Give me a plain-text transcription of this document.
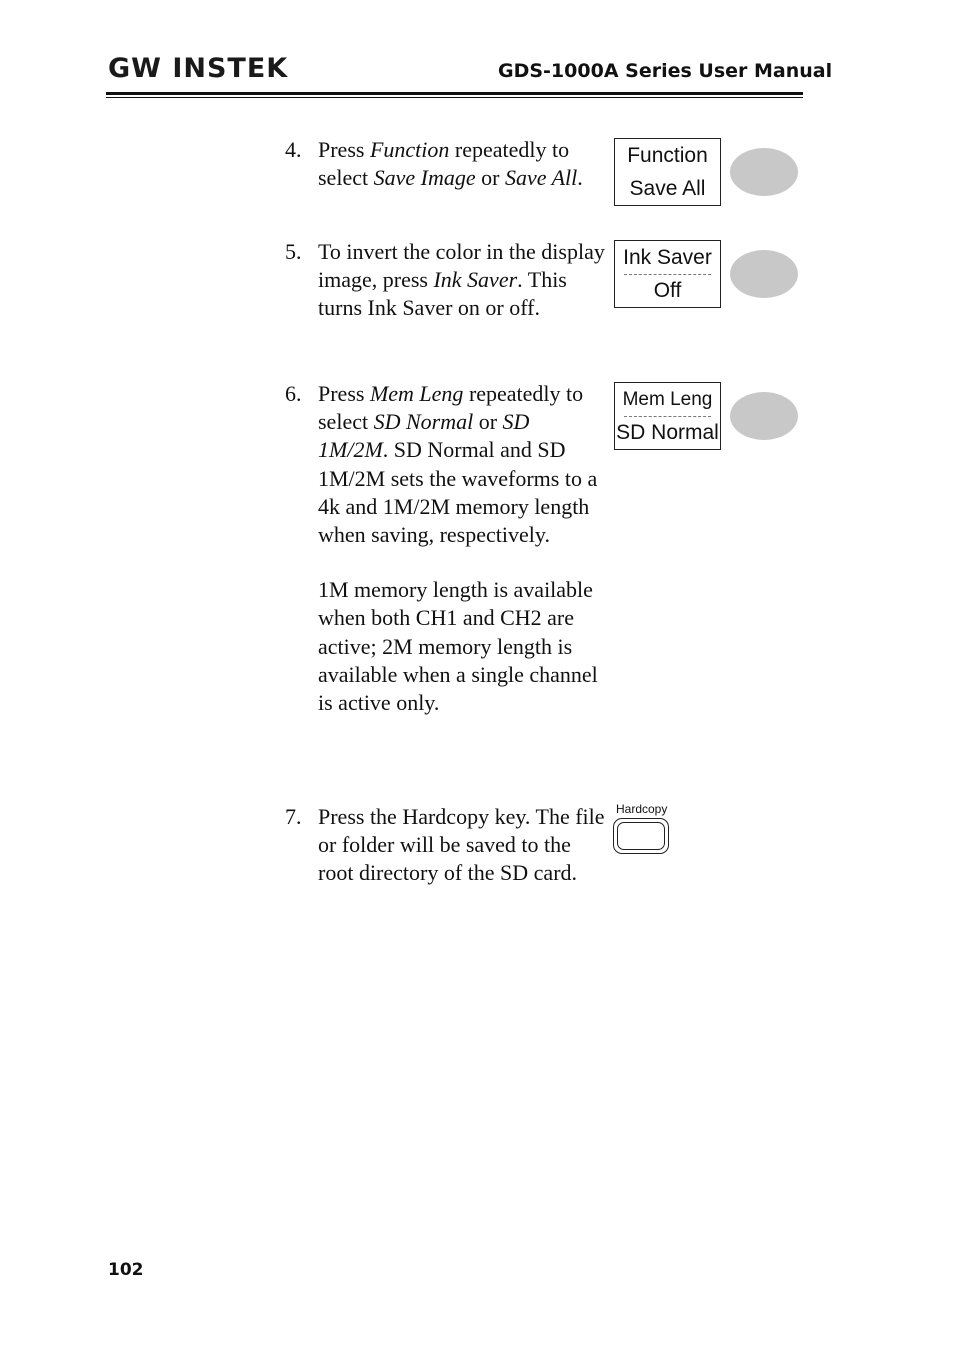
GW INSTEK	GDS-1000A Series User Manual
4. Press Function repeatedly to select Save Image or Save All.

5. To invert the color in the display image, press Ink Saver. This turns Ink Saver on or off.

6. Press Mem Leng repeatedly to select SD Normal or SD 1M/2M. SD Normal and SD 1M/2M sets the waveforms to a 4k and 1M/2M memory length when saving, respectively.

1M memory length is available when both CH1 and CH2 are active; 2M memory length is available when a single channel is active only.

7. Press the Hardcopy key. The file or folder will be saved to the root directory of the SD card.

Function
Save All
Ink Saver
Off
Mem Leng
SD Normal
Hardcopy
102
